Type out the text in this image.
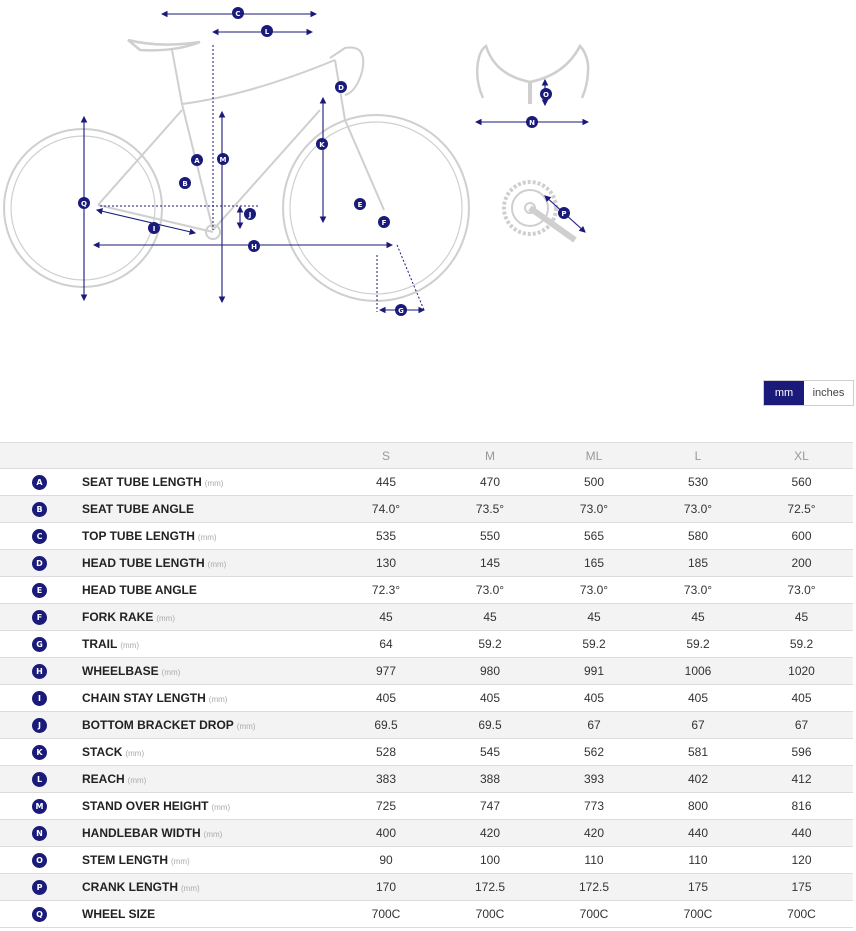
C
L
D
A	M
B
Q
K
J
E
F
I
H
G
O
N
P
mm	inches
		S	M	ML	L	XL
A	SEAT TUBE LENGTH (mm)	445	470	500	530	560
B	SEAT TUBE ANGLE	74.0°	73.5°	73.0°	73.0°	72.5°
C	TOP TUBE LENGTH (mm)	535	550	565	580	600
D	HEAD TUBE LENGTH (mm)	130	145	165	185	200
E	HEAD TUBE ANGLE	72.3°	73.0°	73.0°	73.0°	73.0°
F	FORK RAKE (mm)	45	45	45	45	45
G	TRAIL (mm)	64	59.2	59.2	59.2	59.2
H	WHEELBASE (mm)	977	980	991	1006	1020
I	CHAIN STAY LENGTH (mm)	405	405	405	405	405
J	BOTTOM BRACKET DROP (mm)	69.5	69.5	67	67	67
K	STACK (mm)	528	545	562	581	596
L	REACH (mm)	383	388	393	402	412
M	STAND OVER HEIGHT (mm)	725	747	773	800	816
N	HANDLEBAR WIDTH (mm)	400	420	420	440	440
O	STEM LENGTH (mm)	90	100	110	110	120
P	CRANK LENGTH (mm)	170	172.5	172.5	175	175
Q	WHEEL SIZE	700C	700C	700C	700C	700C
